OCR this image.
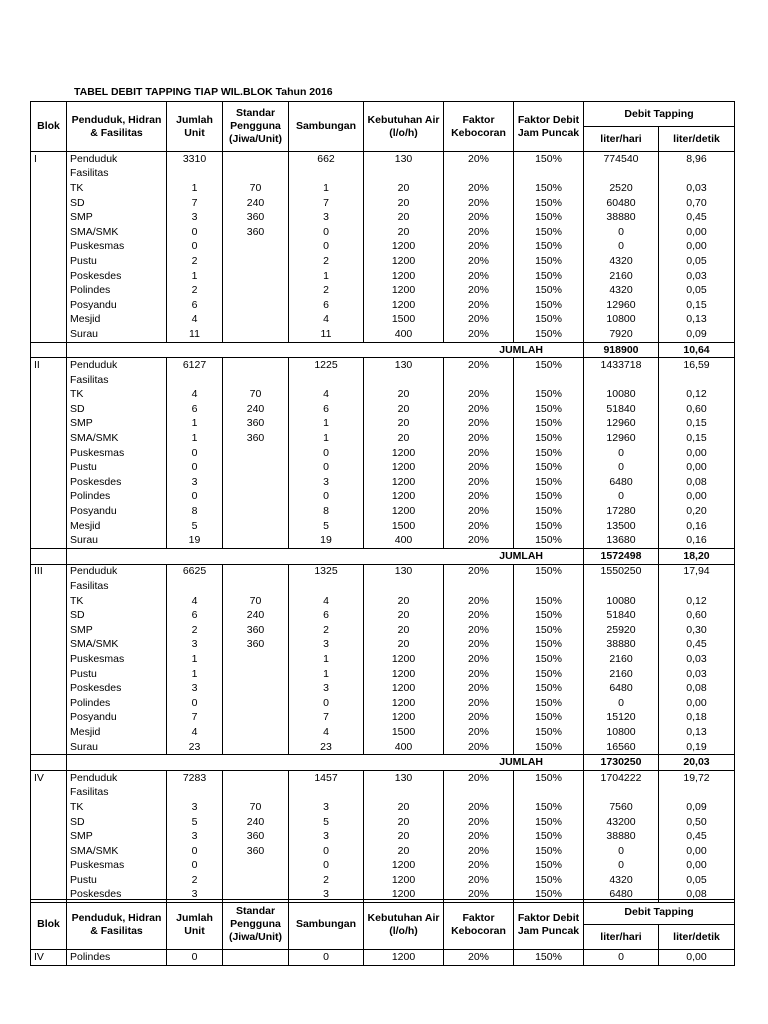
TABEL DEBIT TAPPING TIAP WIL.BLOK Tahun 2016
Blok	Penduduk, Hidran
& Fasilitas	Jumlah Unit	Standar Pengguna
(Jiwa/Unit)	Sambungan	Kebutuhan Air
(l/o/h)	Faktor
Kebocoran	Faktor Debit Jam Puncak	Debit Tapping	
								liter/hari	liter/detik
I	Penduduk	3310		662	130	20%	150%	774540	8,96
	Fasilitas								
	TK	1	70	1	20	20%	150%	2520	0,03
	SD	7	240	7	20	20%	150%	60480	0,70
	SMP	3	360	3	20	20%	150%	38880	0,45
	SMA/SMK	0	360	0	20	20%	150%	0	0,00
	Puskesmas	0		0	1200	20%	150%	0	0,00
	Pustu	2		2	1200	20%	150%	4320	0,05
	Poskesdes	1		1	1200	20%	150%	2160	0,03
	Polindes	2		2	1200	20%	150%	4320	0,05
	Posyandu	6		6	1200	20%	150%	12960	0,15
	Mesjid	4		4	1500	20%	150%	10800	0,13
	Surau	11		11	400	20%	150%	7920	0,09
	JUMLAH							918900	10,64
II	Penduduk	6127		1225	130	20%	150%	1433718	16,59
	Fasilitas								
	TK	4	70	4	20	20%	150%	10080	0,12
	SD	6	240	6	20	20%	150%	51840	0,60
	SMP	1	360	1	20	20%	150%	12960	0,15
	SMA/SMK	1	360	1	20	20%	150%	12960	0,15
	Puskesmas	0		0	1200	20%	150%	0	0,00
	Pustu	0		0	1200	20%	150%	0	0,00
	Poskesdes	3		3	1200	20%	150%	6480	0,08
	Polindes	0		0	1200	20%	150%	0	0,00
	Posyandu	8		8	1200	20%	150%	17280	0,20
	Mesjid	5		5	1500	20%	150%	13500	0,16
	Surau	19		19	400	20%	150%	13680	0,16
	JUMLAH							1572498	18,20
III	Penduduk	6625		1325	130	20%	150%	1550250	17,94
	Fasilitas								
	TK	4	70	4	20	20%	150%	10080	0,12
	SD	6	240	6	20	20%	150%	51840	0,60
	SMP	2	360	2	20	20%	150%	25920	0,30
	SMA/SMK	3	360	3	20	20%	150%	38880	0,45
	Puskesmas	1		1	1200	20%	150%	2160	0,03
	Pustu	1		1	1200	20%	150%	2160	0,03
	Poskesdes	3		3	1200	20%	150%	6480	0,08
	Polindes	0		0	1200	20%	150%	0	0,00
	Posyandu	7		7	1200	20%	150%	15120	0,18
	Mesjid	4		4	1500	20%	150%	10800	0,13
	Surau	23		23	400	20%	150%	16560	0,19
	JUMLAH							1730250	20,03
IV	Penduduk	7283		1457	130	20%	150%	1704222	19,72
	Fasilitas								
	TK	3	70	3	20	20%	150%	7560	0,09
	SD	5	240	5	20	20%	150%	43200	0,50
	SMP	3	360	3	20	20%	150%	38880	0,45
	SMA/SMK	0	360	0	20	20%	150%	0	0,00
	Puskesmas	0		0	1200	20%	150%	0	0,00
	Pustu	2		2	1200	20%	150%	4320	0,05
	Poskesdes	3		3	1200	20%	150%	6480	0,08
Blok	Penduduk, Hidran
& Fasilitas	Jumlah Unit	Standar Pengguna
(Jiwa/Unit)	Sambungan	Kebutuhan Air
(l/o/h)	Faktor
Kebocoran	Faktor Debit Jam Puncak	Debit Tapping	
								liter/hari	liter/detik
IV	Polindes	0		0	1200	20%	150%	0	0,00
